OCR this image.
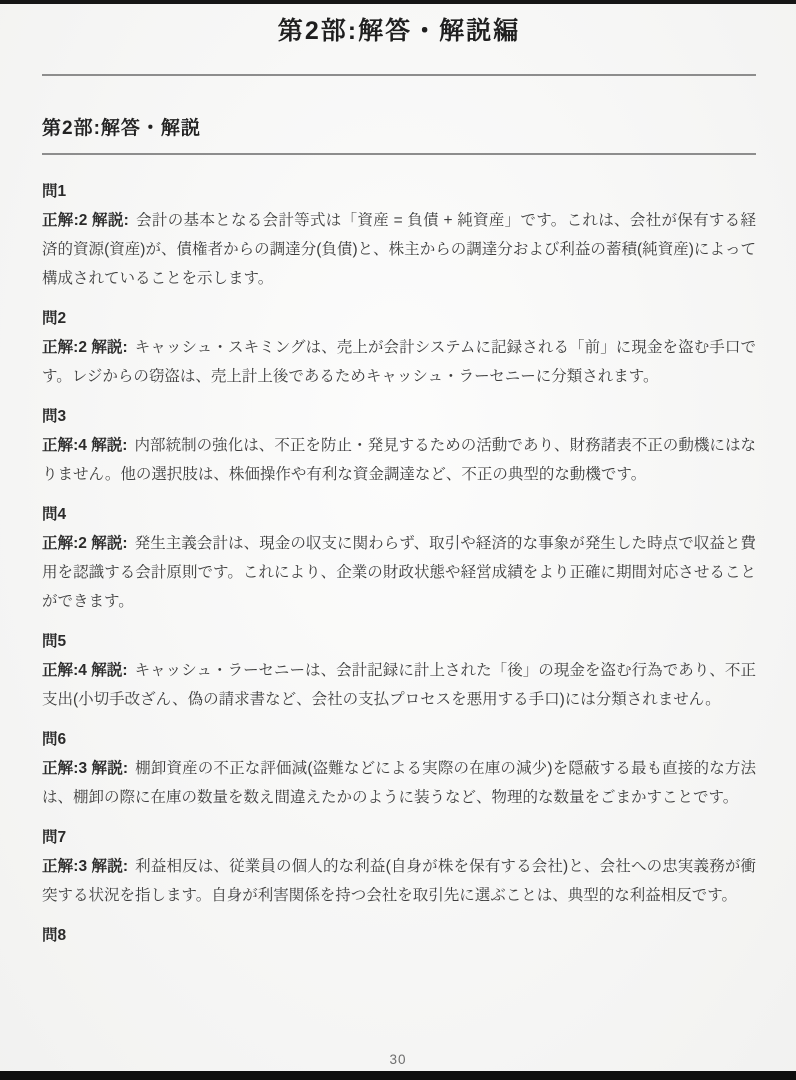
第2部:解答・解説編
第2部:解答・解説
問1

正解:2 解説: 会計の基本となる会計等式は「資産 = 負債 + 純資産」です。これは、会社が保有する経済的資源(資産)が、債権者からの調達分(負債)と、株主からの調達分および利益の蓄積(純資産)によって構成されていることを示します。

問2

正解:2 解説: キャッシュ・スキミングは、売上が会計システムに記録される「前」に現金を盗む手口です。レジからの窃盗は、売上計上後であるためキャッシュ・ラーセニーに分類されます。

問3

正解:4 解説: 内部統制の強化は、不正を防止・発見するための活動であり、財務諸表不正の動機にはなりません。他の選択肢は、株価操作や有利な資金調達など、不正の典型的な動機です。

問4

正解:2 解説: 発生主義会計は、現金の収支に関わらず、取引や経済的な事象が発生した時点で収益と費用を認識する会計原則です。これにより、企業の財政状態や経営成績をより正確に期間対応させることができます。

問5

正解:4 解説: キャッシュ・ラーセニーは、会計記録に計上された「後」の現金を盗む行為であり、不正支出(小切手改ざん、偽の請求書など、会社の支払プロセスを悪用する手口)には分類されません。

問6

正解:3 解説: 棚卸資産の不正な評価減(盗難などによる実際の在庫の減少)を隠蔽する最も直接的な方法は、棚卸の際に在庫の数量を数え間違えたかのように装うなど、物理的な数量をごまかすことです。

問7

正解:3 解説: 利益相反は、従業員の個人的な利益(自身が株を保有する会社)と、会社への忠実義務が衝突する状況を指します。自身が利害関係を持つ会社を取引先に選ぶことは、典型的な利益相反です。

問8
30
